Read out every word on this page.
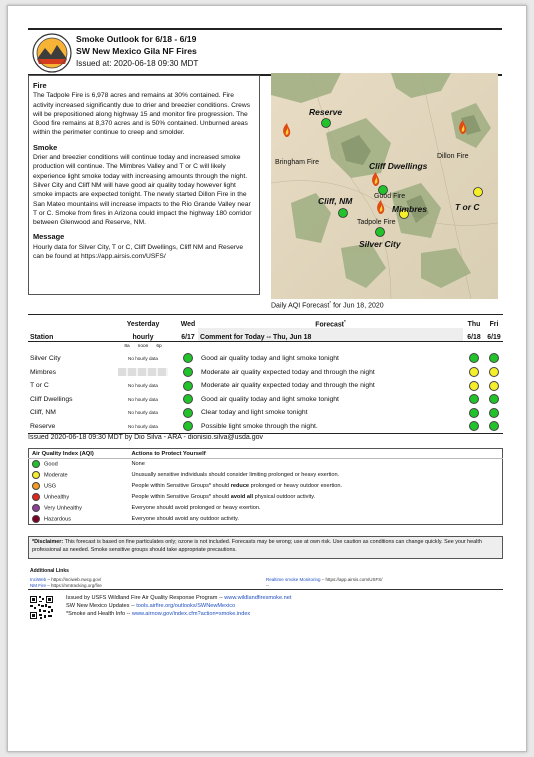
Smoke Outlook for 6/18 - 6/19
SW New Mexico Gila NF Fires
Issued at: 2020-06-18 09:30 MDT
Fire

The Tadpole Fire is 6,978 acres and remains at 30% contained. Fire activity increased significantly due to drier and breezier conditions. Crews will be prepositioned along highway 15 and monitor fire progression. The Good fire remains at 8,370 acres and is 50% contained. Unburned areas within the perimeter continue to creep and smolder.

Smoke

Drier and breezier conditions will continue today and increased smoke production will continue. The Mimbres Valley and T or C will likely experience light smoke today with increasing amounts through the night. Silver City and Cliff NM will have good air quality today however light smoke impacts are expected tonight. The newly started Dillon Fire in the San Mateo mountains will increase impacts to the Rio Grande Valley near T or C. Smoke from fires in Arizona could impact the highway 180 corridor between Glenwood and Reserve, NM.

Message

Hourly data for Silver City, T or C, Cliff Dwellings, Cliff NM and Reserve can be found at https://app.airsis.com/USFS/

Reserve
Cliff Dwellings
Cliff, NM
Mimbres	T or C
Silver City
Bringham Fire
Dillon Fire
Good Fire
Tadpole Fire
Daily AQI Forecast* for Jun 18, 2020
	Yesterday	Wed	Forecast*	Thu	Fri
Station	hourly	6/17	Comment for Today -- Thu, Jun 18	6/18	6/19
	8a noon 6p				
Silver City	No hourly data		Good air quality today and light smoke tonight		
Mimbres			Moderate air quality expected today and through the night		
T or C	No hourly data		Moderate air quality expected today and through the night		
Cliff Dwellings	No hourly data		Good air quality today and light smoke tonight		
Cliff, NM	No hourly data		Clear today and light smoke tonight		
Reserve	No hourly data		Possible light smoke through the night.		
Issued 2020-06-18 09:30 MDT by Dio Silva - ARA - dionisio.silva@usda.gov
Air Quality Index (AQI)	Actions to Protect Yourself
Good	None
Moderate	Unusually sensitive individuals should consider limiting prolonged or heavy exertion.
USG	People within Sensitive Groups* should reduce prolonged or heavy outdoor exertion.
Unhealthy	People within Sensitive Groups* should avoid all physical outdoor activity.
Very Unhealthy	Everyone should avoid prolonged or heavy exertion.
Hazardous	Everyone should avoid any outdoor activity.
*Disclaimer: This forecast is based on fine particulates only; ozone is not included. Forecasts may be wrong; use at own risk. Use caution as conditions can change quickly. See your health professional as needed. Smoke sensitive groups should take appropriate precautions.
Additional Links
InciWeb – https://inciweb.nwcg.gov/
NM Fire – https://nmtracking.org/fire
Realtime smoke Monitoring – https://app.airsis.com/USFS/
--
Issued by USFS Wildland Fire Air Quality Response Program -- www.wildlandfiresmoke.net
SW New Mexico Updates -- tools.airfire.org/outlooks/SWNewMexico
*Smoke and Health Info -- www.airnow.gov/index.cfm?action=smoke.index
